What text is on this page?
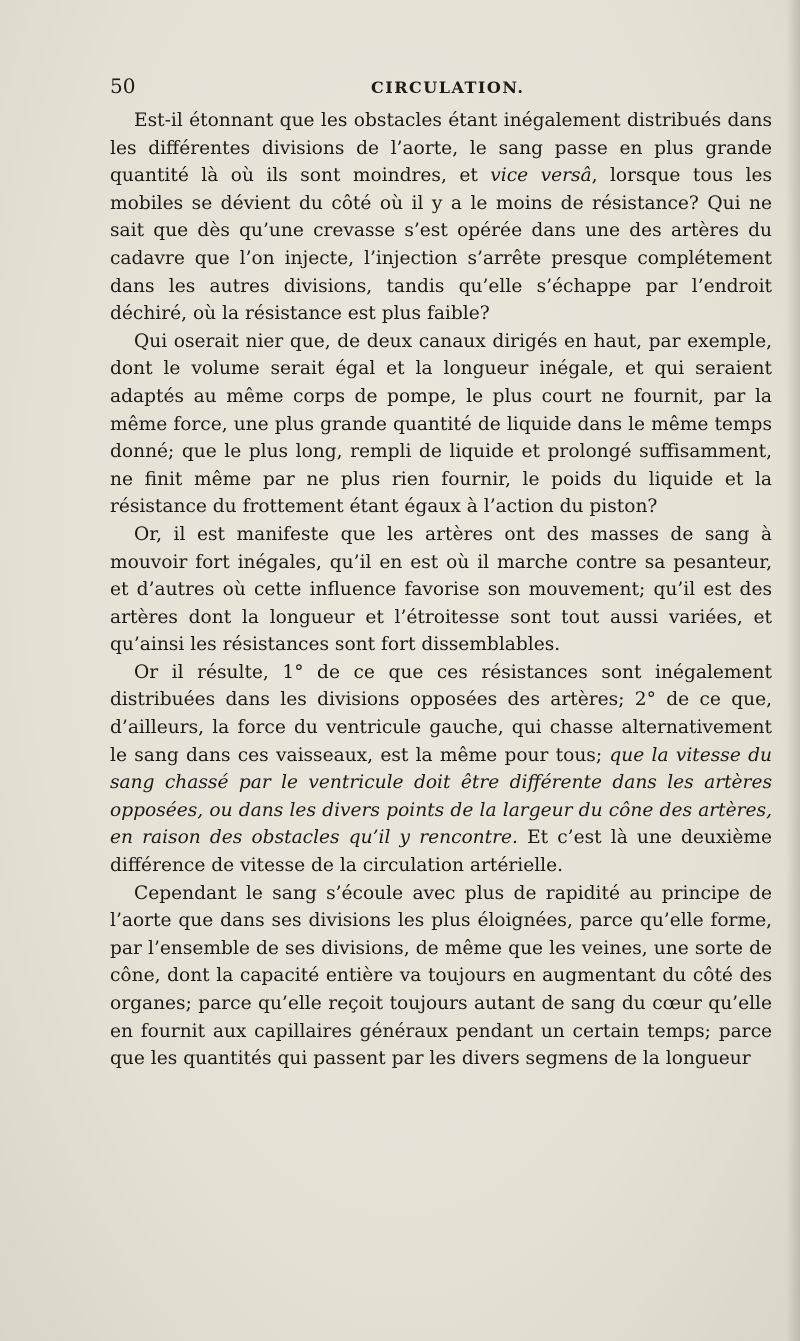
50	CIRCULATION.

Est-il étonnant que les obstacles étant inégalement distribués dans les différentes divisions de l’aorte, le sang passe en plus grande quantité là où ils sont moindres, et vice versâ, lorsque tous les mobiles se dévient du côté où il y a le moins de résistance? Qui ne sait que dès qu’une crevasse s’est opérée dans une des artères du cadavre que l’on injecte, l’injection s’arrête presque complétement dans les autres divisions, tandis qu’elle s’échappe par l’endroit déchiré, où la résistance est plus faible?

Qui oserait nier que, de deux canaux dirigés en haut, par exemple, dont le volume serait égal et la longueur inégale, et qui seraient adaptés au même corps de pompe, le plus court ne fournit, par la même force, une plus grande quantité de liquide dans le même temps donné; que le plus long, rempli de liquide et prolongé suffisamment, ne finit même par ne plus rien fournir, le poids du liquide et la résistance du frottement étant égaux à l’action du piston?

Or, il est manifeste que les artères ont des masses de sang à mouvoir fort inégales, qu’il en est où il marche contre sa pesanteur, et d’autres où cette influence favorise son mouvement; qu’il est des artères dont la longueur et l’étroitesse sont tout aussi variées, et qu’ainsi les résistances sont fort dissemblables.

Or il résulte, 1° de ce que ces résistances sont inégalement distribuées dans les divisions opposées des artères; 2° de ce que, d’ailleurs, la force du ventricule gauche, qui chasse alternativement le sang dans ces vaisseaux, est la même pour tous; que la vitesse du sang chassé par le ventricule doit être différente dans les artères opposées, ou dans les divers points de la largeur du cône des artères, en raison des obstacles qu’il y rencontre. Et c’est là une deuxième différence de vitesse de la circulation artérielle.

Cependant le sang s’écoule avec plus de rapidité au principe de l’aorte que dans ses divisions les plus éloignées, parce qu’elle forme, par l’ensemble de ses divisions, de même que les veines, une sorte de cône, dont la capacité entière va toujours en augmentant du côté des organes; parce qu’elle reçoit toujours autant de sang du cœur qu’elle en fournit aux capillaires généraux pendant un certain temps; parce que les quantités qui passent par les divers segmens de la longueur
